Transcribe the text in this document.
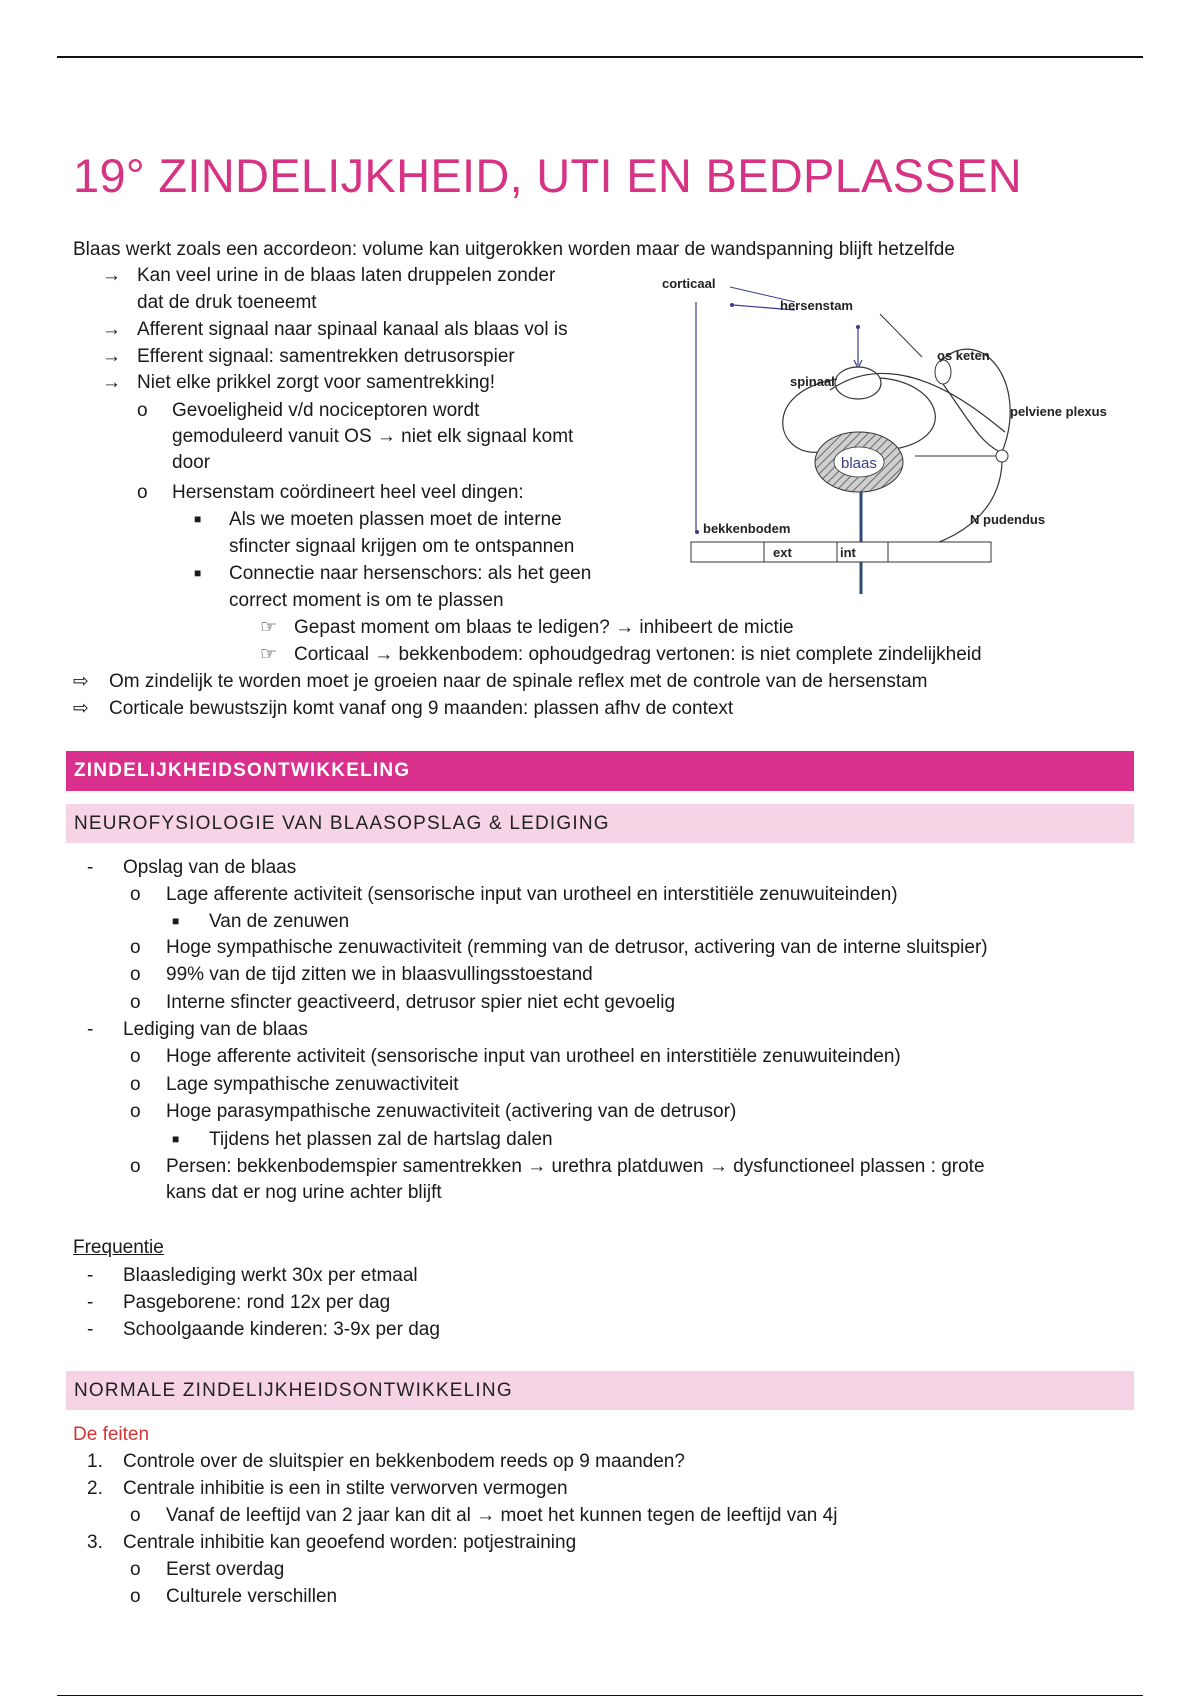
19° ZINDELIJKHEID, UTI EN BEDPLASSEN
Blaas werkt zoals een accordeon: volume kan uitgerokken worden maar de wandspanning blijft hetzelfde
→ Kan veel urine in de blaas laten druppelen zonder
dat de druk toeneemt
→ Afferent signaal naar spinaal kanaal als blaas vol is
→ Efferent signaal: samentrekken detrusorspier
→ Niet elke prikkel zorgt voor samentrekking!
o Gevoeligheid v/d nociceptoren wordt
gemoduleerd vanuit OS → niet elk signaal komt
door
o Hersenstam coördineert heel veel dingen:
■ Als we moeten plassen moet de interne
sfincter signaal krijgen om te ontspannen
■ Connectie naar hersenschors: als het geen
correct moment is om te plassen
☞ Gepast moment om blaas te ledigen? → inhibeert de mictie
☞ Corticaal → bekkenbodem: ophoudgedrag vertonen: is niet complete zindelijkheid
⇨ Om zindelijk te worden moet je groeien naar de spinale reflex met de controle van de hersenstam
⇨ Corticale bewustszijn komt vanaf ong 9 maanden: plassen afhv de context
corticaal
hersenstam
os keten
spinaal
pelviene plexus
blaas
N pudendus
bekkenbodem
ext	int
ZINDELIJKHEIDSONTWIKKELING
NEUROFYSIOLOGIE VAN BLAASOPSLAG & LEDIGING
- Opslag van de blaas
o Lage afferente activiteit (sensorische input van urotheel en interstitiële zenuwuiteinden)
■ Van de zenuwen
o Hoge sympathische zenuwactiviteit (remming van de detrusor, activering van de interne sluitspier)
o 99% van de tijd zitten we in blaasvullingsstoestand
o Interne sfincter geactiveerd, detrusor spier niet echt gevoelig
- Lediging van de blaas
o Hoge afferente activiteit (sensorische input van urotheel en interstitiële zenuwuiteinden)
o Lage sympathische zenuwactiviteit
o Hoge parasympathische zenuwactiviteit (activering van de detrusor)
■ Tijdens het plassen zal de hartslag dalen
o Persen: bekkenbodemspier samentrekken → urethra platduwen → dysfunctioneel plassen : grote
kans dat er nog urine achter blijft
Frequentie
- Blaaslediging werkt 30x per etmaal
- Pasgeborene: rond 12x per dag
- Schoolgaande kinderen: 3-9x per dag
NORMALE ZINDELIJKHEIDSONTWIKKELING
De feiten
1. Controle over de sluitspier en bekkenbodem reeds op 9 maanden?
2. Centrale inhibitie is een in stilte verworven vermogen
o Vanaf de leeftijd van 2 jaar kan dit al → moet het kunnen tegen de leeftijd van 4j
3. Centrale inhibitie kan geoefend worden: potjestraining
o Eerst overdag
o Culturele verschillen
